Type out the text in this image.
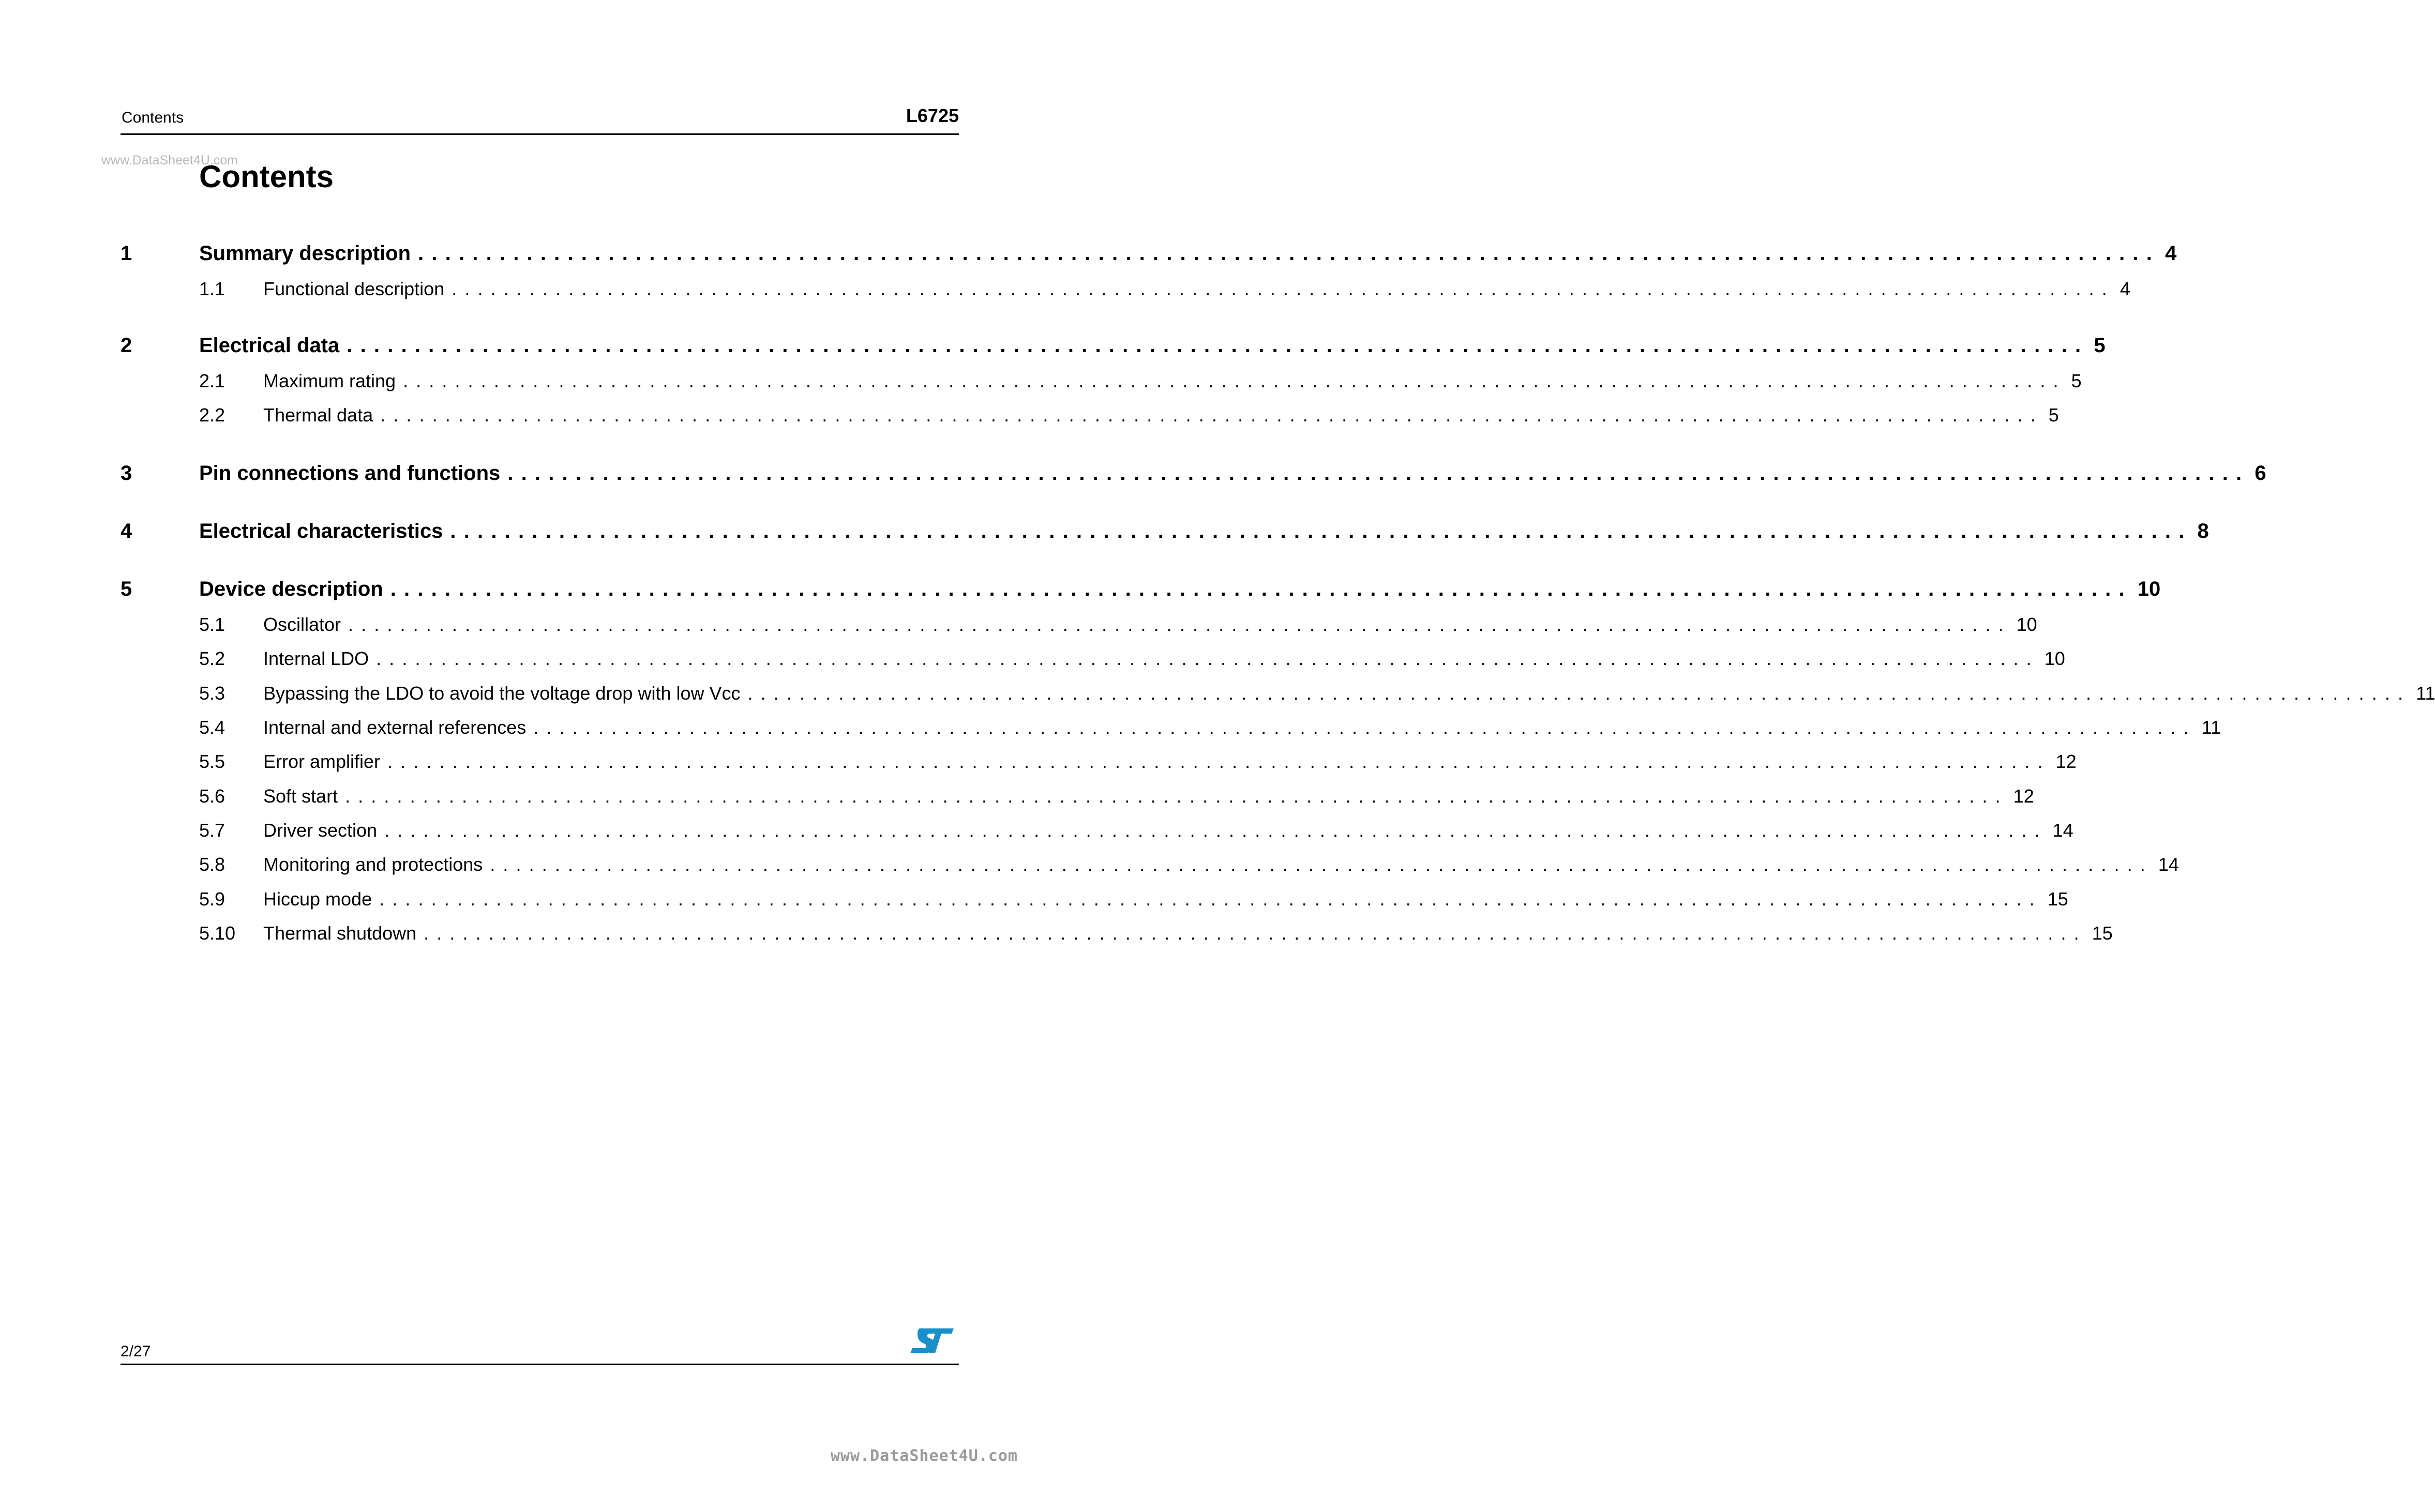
Contents	L6725
www.DataSheet4U.com
Contents
1	Summary description ................................................................................................................................ 4
1.1	Functional description ................................................................................................................................ 4
2	Electrical data ................................................................................................................................ 5
2.1	Maximum rating ................................................................................................................................ 5
2.2	Thermal data ................................................................................................................................ 5
3	Pin connections and functions ................................................................................................................................ 6
4	Electrical characteristics ................................................................................................................................ 8
5	Device description ................................................................................................................................ 10
5.1	Oscillator ................................................................................................................................ 10
5.2	Internal LDO ................................................................................................................................ 10
5.3	Bypassing the LDO to avoid the voltage drop with low Vcc ................................................................................................................................ 11
5.4	Internal and external references ................................................................................................................................ 11
5.5	Error amplifier ................................................................................................................................ 12
5.6	Soft start ................................................................................................................................ 12
5.7	Driver section ................................................................................................................................ 14
5.8	Monitoring and protections ................................................................................................................................ 14
5.9	Hiccup mode ................................................................................................................................ 15
5.10	Thermal shutdown ................................................................................................................................ 15
2/27
www.DataSheet4U.com
